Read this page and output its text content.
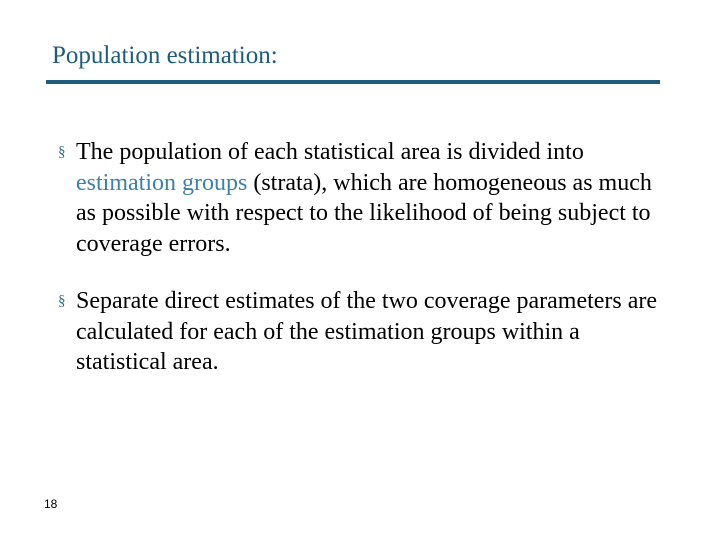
Population estimation:
§ The population of each statistical area is divided into estimation groups (strata), which are homogeneous as much as possible with respect to the likelihood of being subject to coverage errors.
§ Separate direct estimates of the two coverage parameters are calculated for each of the estimation groups within a statistical area.
18
